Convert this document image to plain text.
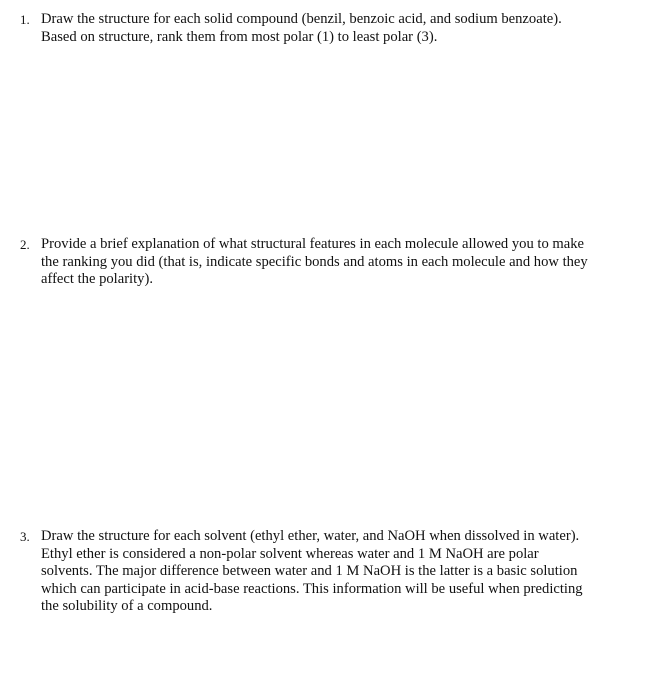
1. Draw the structure for each solid compound (benzil, benzoic acid, and sodium benzoate).
Based on structure, rank them from most polar (1) to least polar (3).
2. Provide a brief explanation of what structural features in each molecule allowed you to make
the ranking you did (that is, indicate specific bonds and atoms in each molecule and how they
affect the polarity).
3. Draw the structure for each solvent (ethyl ether, water, and NaOH when dissolved in water).
Ethyl ether is considered a non-polar solvent whereas water and 1 M NaOH are polar
solvents. The major difference between water and 1 M NaOH is the latter is a basic solution
which can participate in acid-base reactions. This information will be useful when predicting
the solubility of a compound.
